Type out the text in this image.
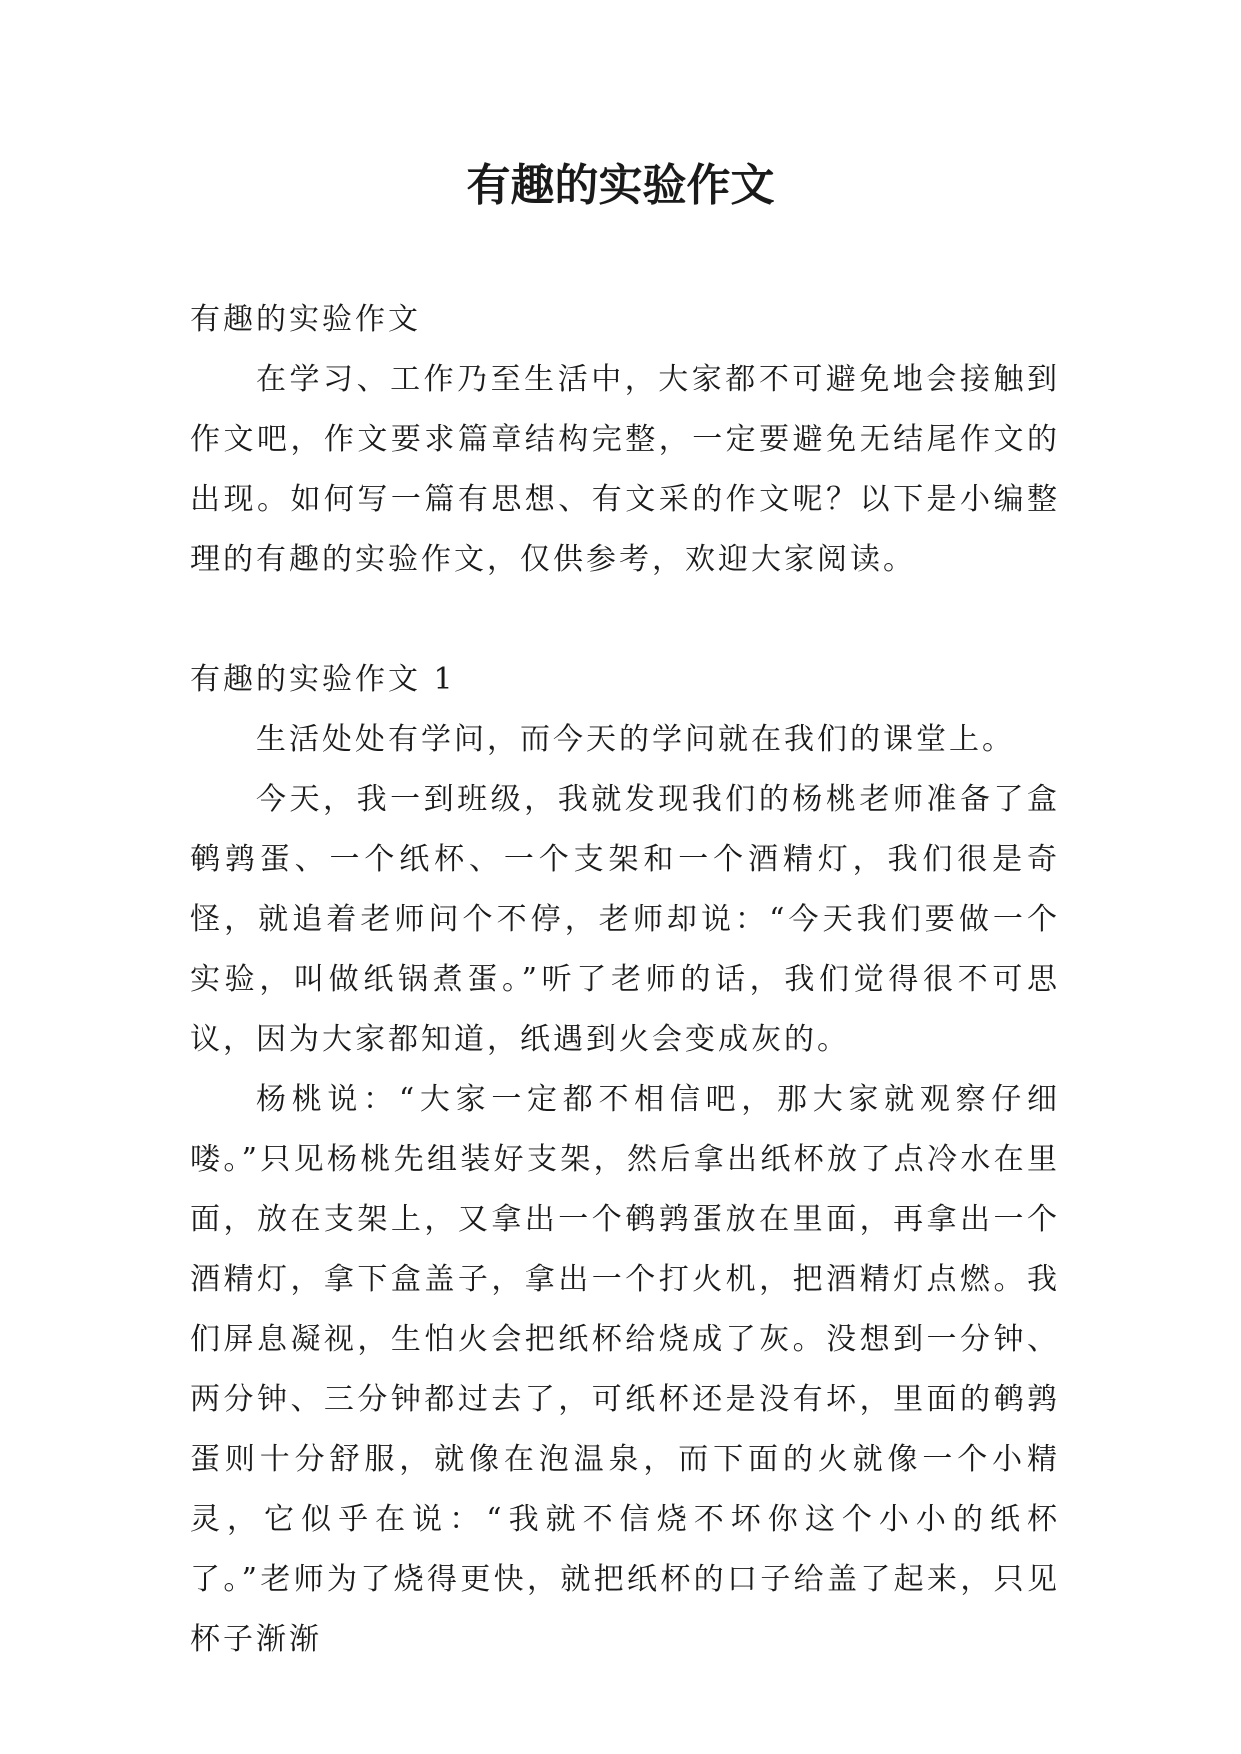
有趣的实验作文

有趣的实验作文

在学习、工作乃至生活中，大家都不可避免地会接触到作文吧，作文要求篇章结构完整，一定要避免无结尾作文的出现。如何写一篇有思想、有文采的作文呢？以下是小编整理的有趣的实验作文，仅供参考，欢迎大家阅读。

有趣的实验作文 1

生活处处有学问，而今天的学问就在我们的课堂上。

今天，我一到班级，我就发现我们的杨桃老师准备了盒鹌鹑蛋、一个纸杯、一个支架和一个酒精灯，我们很是奇怪，就追着老师问个不停，老师却说：“今天我们要做一个实验，叫做纸锅煮蛋。”听了老师的话，我们觉得很不可思议，因为大家都知道，纸遇到火会变成灰的。

杨桃说：“大家一定都不相信吧，那大家就观察仔细喽。”只见杨桃先组装好支架，然后拿出纸杯放了点冷水在里面，放在支架上，又拿出一个鹌鹑蛋放在里面，再拿出一个酒精灯，拿下盒盖子，拿出一个打火机，把酒精灯点燃。我们屏息凝视，生怕火会把纸杯给烧成了灰。没想到一分钟、两分钟、三分钟都过去了，可纸杯还是没有坏，里面的鹌鹑蛋则十分舒服，就像在泡温泉，而下面的火就像一个小精灵，它似乎在说：“我就不信烧不坏你这个小小的纸杯了。”老师为了烧得更快，就把纸杯的口子给盖了起来，只见杯子渐渐
